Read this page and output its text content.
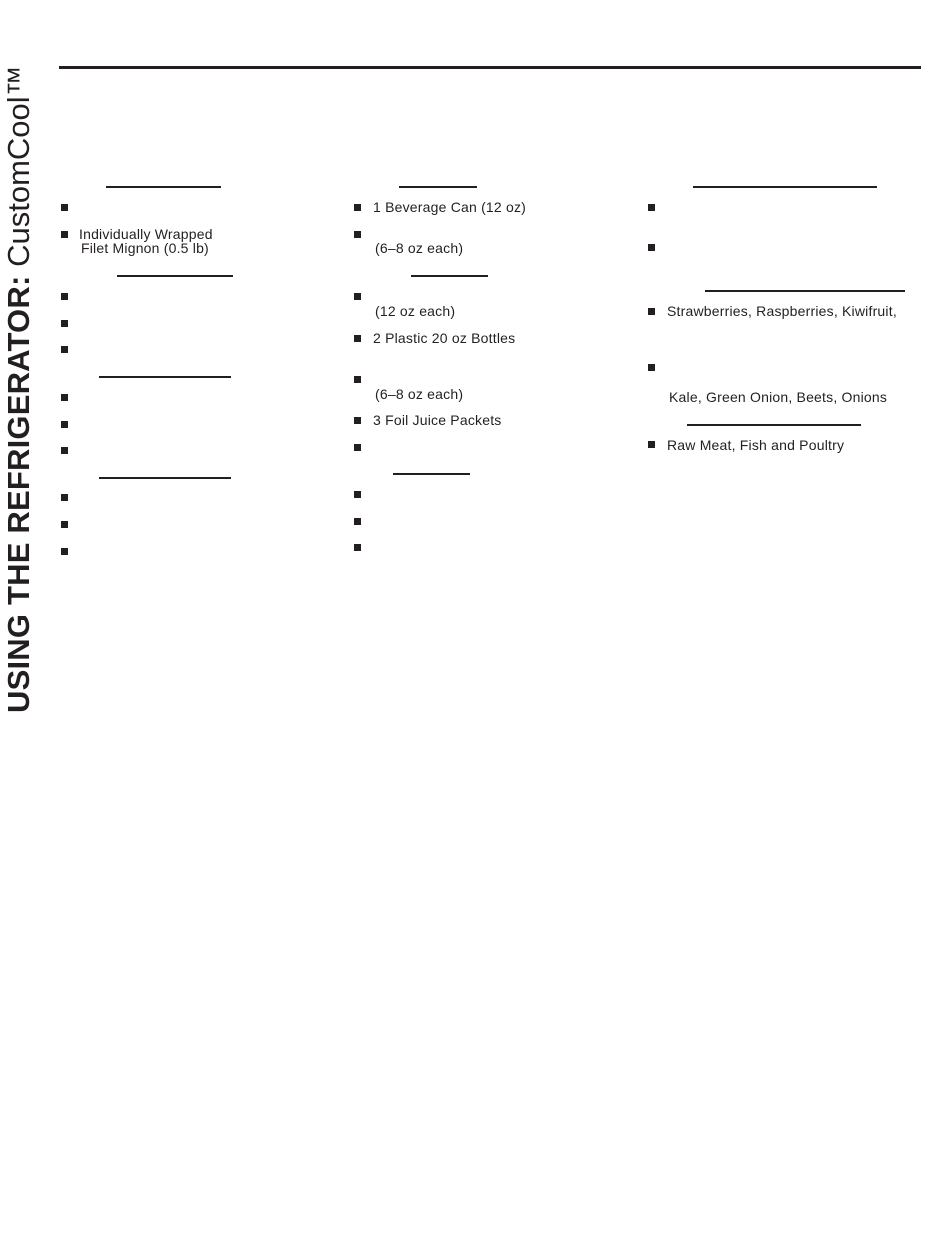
USING THE REFRIGERATOR: CustomCool™	Individually Wrapped
Filet Mignon (0.5 lb)
1 Beverage Can (12 oz)
(6–8 oz each)
(12 oz each)
2 Plastic 20 oz Bottles
(6–8 oz each)
3 Foil Juice Packets
Strawberries, Raspberries, Kiwifruit,
Kale, Green Onion, Beets, Onions
Raw Meat, Fish and Poultry
